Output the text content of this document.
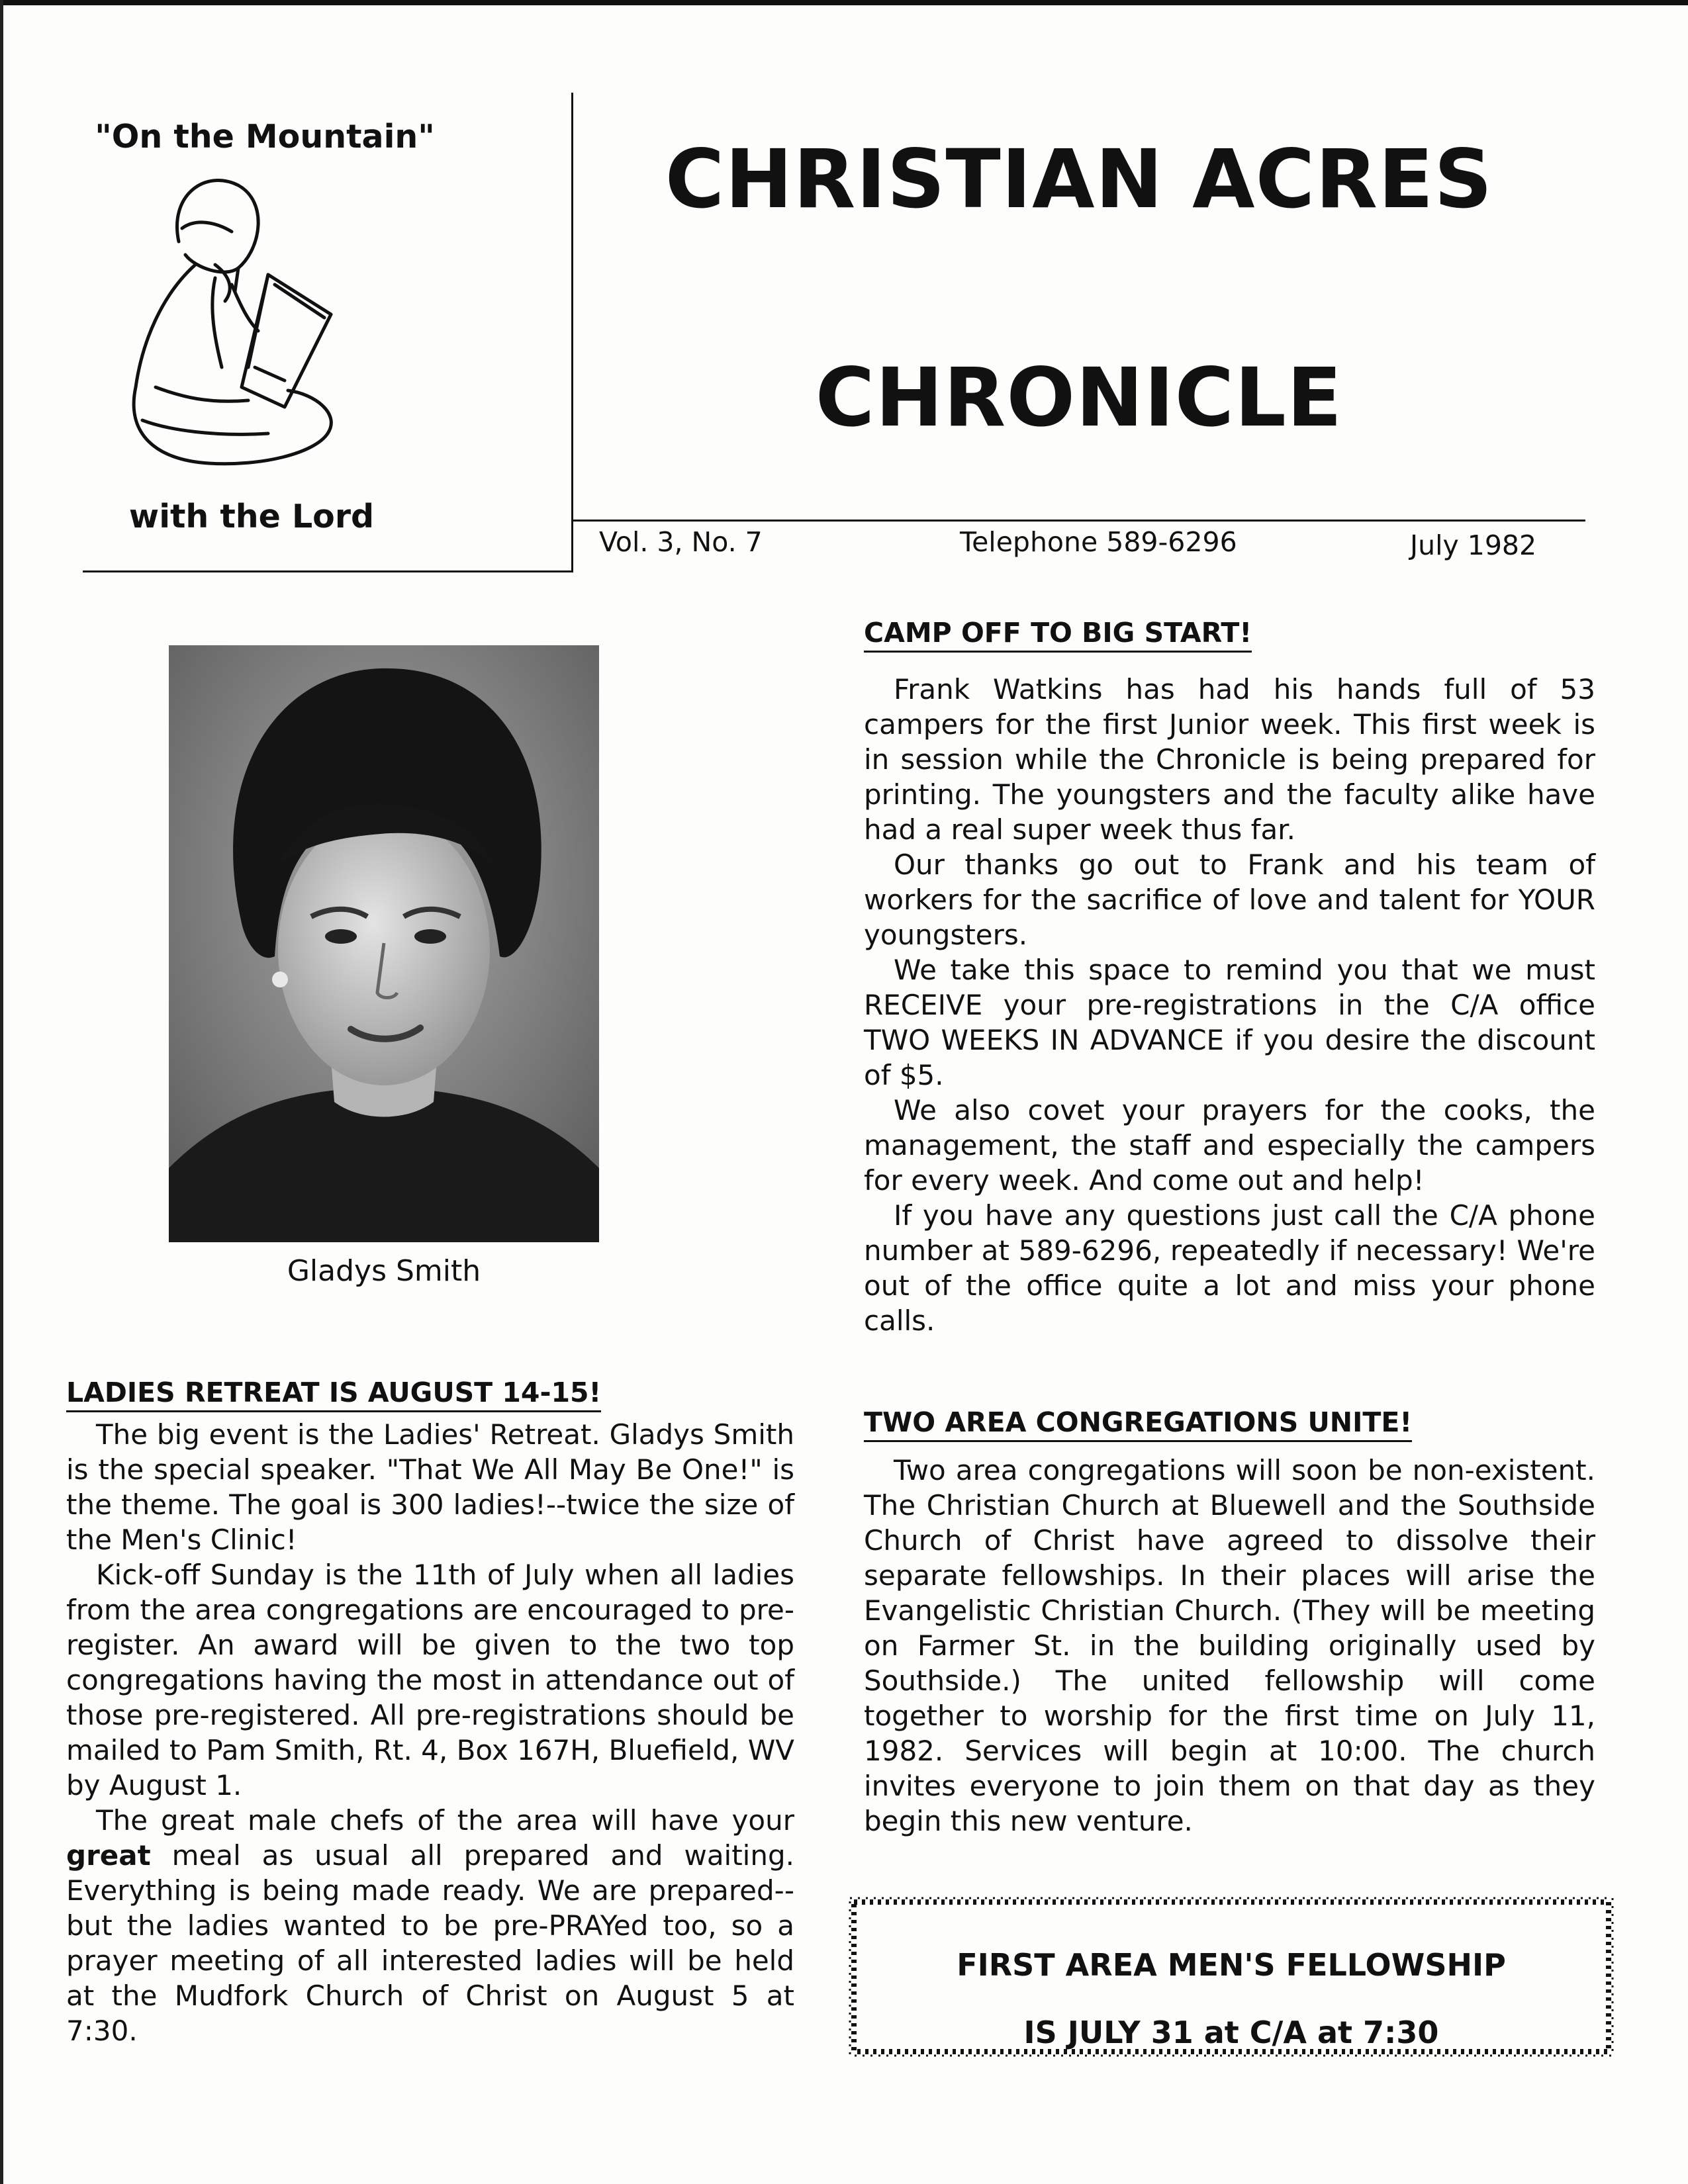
"On the Mountain"
with the Lord
CHRISTIAN ACRES
CHRONICLE
Vol. 3, No. 7	Telephone 589-6296	July 1982
Gladys Smith
LADIES RETREAT IS AUGUST 14-15!

The big event is the Ladies' Retreat. Gladys Smith is the special speaker. "That We All May Be One!" is the theme. The goal is 300 ladies!--twice the size of the Men's Clinic!

Kick-off Sunday is the 11th of July when all ladies from the area congregations are encouraged to pre-register. An award will be given to the two top congregations having the most in attendance out of those pre-registered. All pre-registrations should be mailed to Pam Smith, Rt. 4, Box 167H, Bluefield, WV by August 1.

The great male chefs of the area will have your great meal as usual all prepared and waiting. Everything is being made ready. We are prepared--but the ladies wanted to be pre-PRAYed too, so a prayer meeting of all interested ladies will be held at the Mudfork Church of Christ on August 5 at 7:30.

CAMP OFF TO BIG START!

Frank Watkins has had his hands full of 53 campers for the first Junior week. This first week is in session while the Chronicle is being prepared for printing. The youngsters and the faculty alike have had a real super week thus far.

Our thanks go out to Frank and his team of workers for the sacrifice of love and talent for YOUR youngsters.

We take this space to remind you that we must RECEIVE your pre-registrations in the C/A office TWO WEEKS IN ADVANCE if you desire the discount of $5.

We also covet your prayers for the cooks, the management, the staff and especially the campers for every week. And come out and help!

If you have any questions just call the C/A phone number at 589-6296, repeatedly if necessary! We're out of the office quite a lot and miss your phone calls.

TWO AREA CONGREGATIONS UNITE!

Two area congregations will soon be non-existent. The Christian Church at Bluewell and the Southside Church of Christ have agreed to dissolve their separate fellowships. In their places will arise the Evangelistic Christian Church. (They will be meeting on Farmer St. in the building originally used by Southside.) The united fellowship will come together to worship for the first time on July 11, 1982. Services will begin at 10:00. The church invites everyone to join them on that day as they begin this new venture.

FIRST AREA MEN'S FELLOWSHIP
IS JULY 31 at C/A at 7:30
